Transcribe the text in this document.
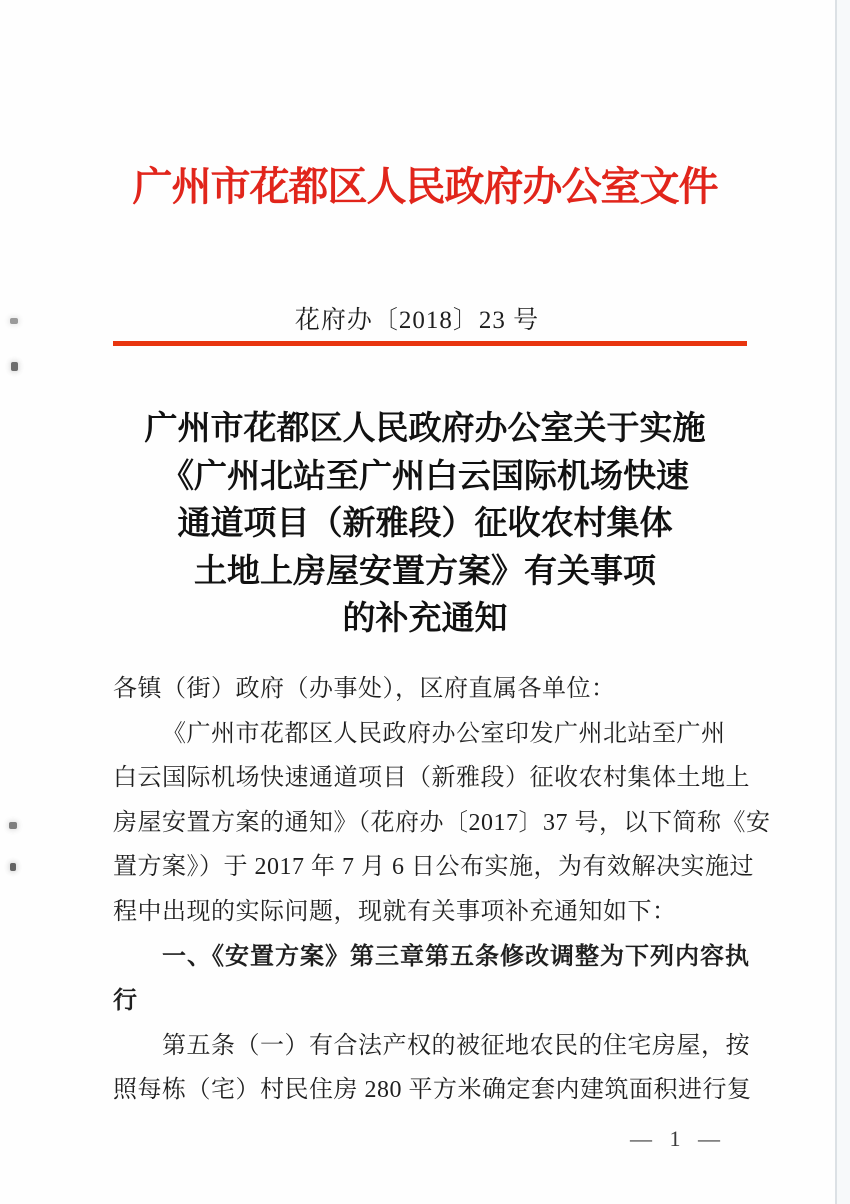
广州市花都区人民政府办公室文件
花府办〔2018〕23 号
广州市花都区人民政府办公室关于实施
《广州北站至广州白云国际机场快速
通道项目（新雅段）征收农村集体
土地上房屋安置方案》有关事项
的补充通知
各镇（街）政府（办事处），区府直属各单位：
《广州市花都区人民政府办公室印发广州北站至广州
白云国际机场快速通道项目（新雅段）征收农村集体土地上
房屋安置方案的通知》（花府办〔2017〕37 号，以下简称《安
置方案》）于 2017 年 7 月 6 日公布实施，为有效解决实施过
程中出现的实际问题，现就有关事项补充通知如下：
一、《安置方案》第三章第五条修改调整为下列内容执
行
第五条（一）有合法产权的被征地农民的住宅房屋，按
照每栋（宅）村民住房 280 平方米确定套内建筑面积进行复
— 1 —
